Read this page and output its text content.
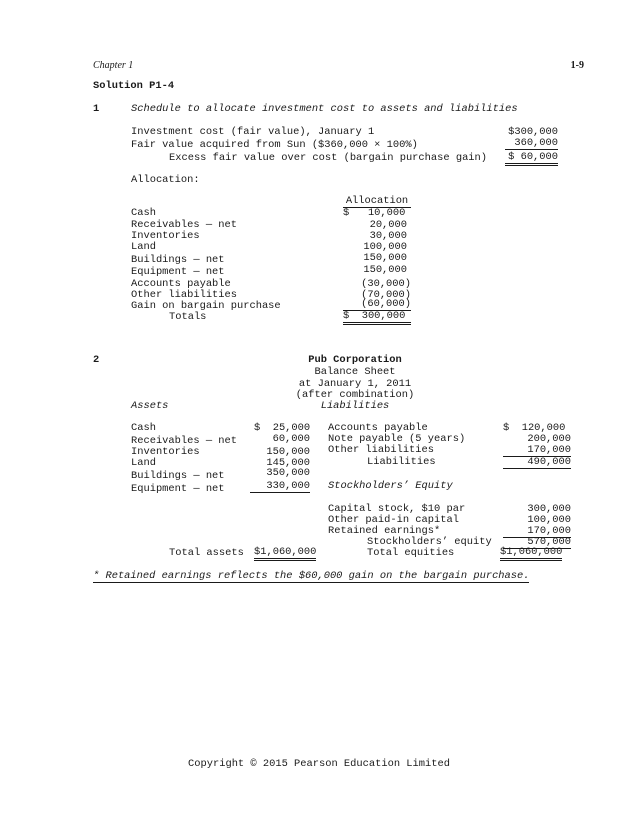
Chapter 1	1-9
Solution P1-4
1	Schedule to allocate investment cost to assets and liabilities
Investment cost (fair value), January 1	$300,000
Fair value acquired from Sun ($360,000 × 100%)	360,000
Excess fair value over cost (bargain purchase gain) $ 60,000
Allocation:
Allocation
Cash	$   10,000
Receivables — net	20,000
Inventories	30,000
Land	100,000
Buildings — net	150,000
Equipment — net	150,000
Accounts payable	(30,000)
Other liabilities	(70,000)
Gain on bargain purchase	(60,000)
Totals	$  300,000
2	Pub Corporation
Balance Sheet
at January 1, 2011
(after combination)
Assets	Liabilities
Cash	$  25,000
Receivables — net	60,000
Inventories	150,000
Land	145,000
Buildings — net	350,000
Equipment — net	330,000
Accounts payable	$  120,000
Note payable (5 years)	200,000
Other liabilities	170,000
Liabilities	490,000
Stockholders’ Equity
Capital stock, $10 par	300,000
Other paid-in capital	100,000
Retained earnings*	170,000
Stockholders’ equity	570,000
Total assets $1,060,000	Total equities	$1,060,000
* Retained earnings reflects the $60,000 gain on the bargain purchase.
Copyright © 2015 Pearson Education Limited
